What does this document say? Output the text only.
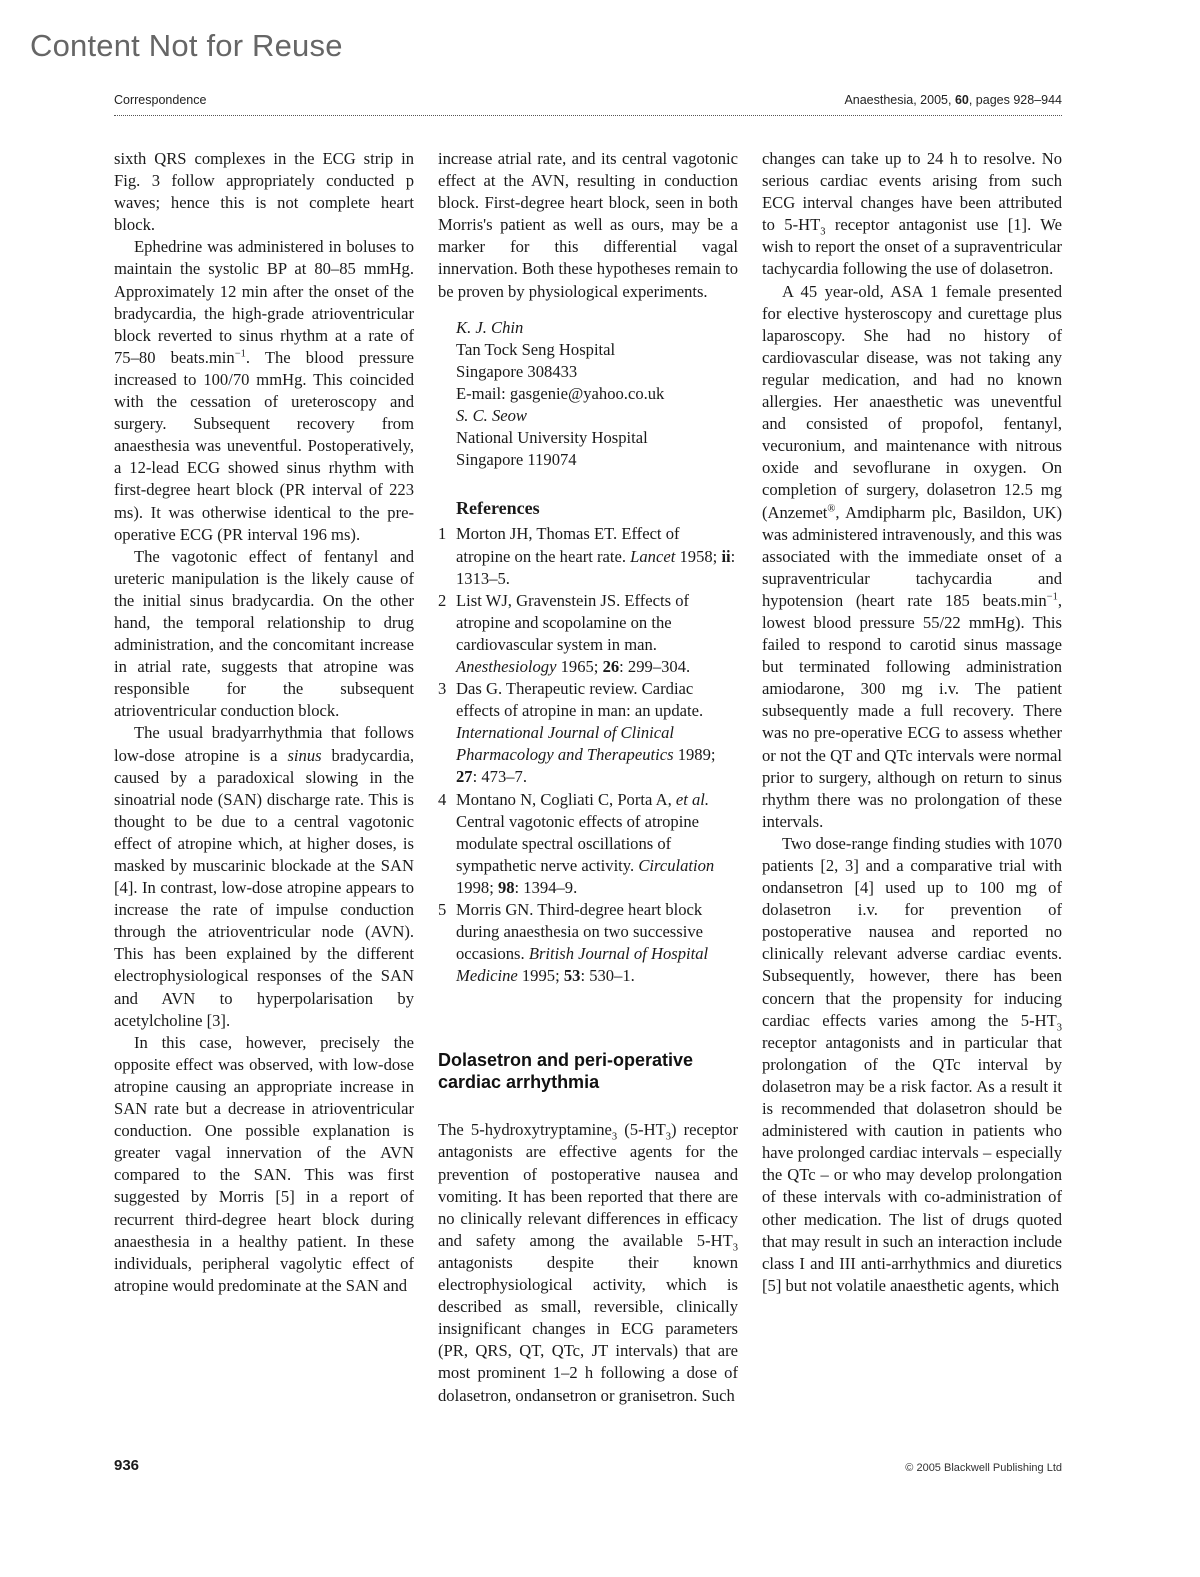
Content Not for Reuse
Correspondence	Anaesthesia, 2005, 60, pages 928–944

sixth QRS complexes in the ECG strip in Fig. 3 follow appropriately conducted p waves; hence this is not complete heart block.

Ephedrine was administered in boluses to maintain the systolic BP at 80–85 mmHg. Approximately 12 min after the onset of the bradycardia, the high-grade atrioventricular block reverted to sinus rhythm at a rate of 75–80 $beats.\min^{-1}$. The blood pressure increased to 100/70 mmHg. This coincided with the cessation of ureteroscopy and surgery. Subsequent recovery from anaesthesia was uneventful. Postoperatively, a 12-lead ECG showed sinus rhythm with first-degree heart block (PR interval of 223 ms). It was otherwise identical to the pre-operative ECG (PR interval 196 ms).

The vagotonic effect of fentanyl and ureteric manipulation is the likely cause of the initial sinus bradycardia. On the other hand, the temporal relationship to drug administration, and the concomitant increase in atrial rate, suggests that atropine was responsible for the subsequent atrioventricular conduction block.

The usual bradyarrhythmia that follows low-dose atropine is a sinus bradycardia, caused by a paradoxical slowing in the sinoatrial node (SAN) discharge rate. This is thought to be due to a central vagotonic effect of atropine which, at higher doses, is masked by muscarinic blockade at the SAN [4]. In contrast, low-dose atropine appears to increase the rate of impulse conduction through the atrioventricular node (AVN). This has been explained by the different electrophysiological responses of the SAN and AVN to hyperpolarisation by acetylcholine [3].

In this case, however, precisely the opposite effect was observed, with low-dose atropine causing an appropriate increase in SAN rate but a decrease in atrioventricular conduction. One possible explanation is greater vagal innervation of the AVN compared to the SAN. This was first suggested by Morris [5] in a report of recurrent third-degree heart block during anaesthesia in a healthy patient. In these individuals, peripheral vagolytic effect of atropine would predominate at the SAN and

increase atrial rate, and its central vagotonic effect at the AVN, resulting in conduction block. First-degree heart block, seen in both Morris's patient as well as ours, may be a marker for this differential vagal innervation. Both these hypotheses remain to be proven by physiological experiments.

K. J. Chin
Tan Tock Seng Hospital
Singapore 308433
E-mail: gasgenie@yahoo.co.uk
S. C. Seow
National University Hospital
Singapore 119074
References
1 Morton JH, Thomas ET. Effect of atropine on the heart rate. Lancet 1958; ii: 1313–5.
2 List WJ, Gravenstein JS. Effects of atropine and scopolamine on the cardiovascular system in man. Anesthesiology 1965; 26: 299–304.
3 Das G. Therapeutic review. Cardiac effects of atropine in man: an update. International Journal of Clinical Pharmacology and Therapeutics 1989; 27: 473–7.
4 Montano N, Cogliati C, Porta A, et al. Central vagotonic effects of atropine modulate spectral oscillations of sympathetic nerve activity. Circulation 1998; 98: 1394–9.
5 Morris GN. Third-degree heart block during anaesthesia on two successive occasions. British Journal of Hospital Medicine 1995; 53: 530–1.
Dolasetron and peri-operative cardiac arrhythmia

The 5-hydroxytryptamine$_3$ $(5-HT_3)$ receptor antagonists are effective agents for the prevention of postoperative nausea and vomiting. It has been reported that there are no clinically relevant differences in efficacy and safety among the available $5-HT_3$ antagonists despite their known electrophysiological activity, which is described as small, reversible, clinically insignificant changes in ECG parameters (PR, QRS, QT, QTc, JT intervals) that are most prominent 1–2 h following a dose of dolasetron, ondansetron or granisetron. Such

changes can take up to 24 h to resolve. No serious cardiac events arising from such ECG interval changes have been attributed to $5-HT_3$ receptor antagonist use [1]. We wish to report the onset of a supraventricular tachycardia following the use of dolasetron.

A 45 year-old, ASA 1 female presented for elective hysteroscopy and curettage plus laparoscopy. She had no history of cardiovascular disease, was not taking any regular medication, and had no known allergies. Her anaesthetic was uneventful and consisted of propofol, fentanyl, vecuronium, and maintenance with nitrous oxide and sevoflurane in oxygen. On completion of surgery, dolasetron 12.5 mg (Anzemet®, Amdipharm plc, Basildon, UK) was administered intravenously, and this was associated with the immediate onset of a supraventricular tachycardia and hypotension (heart rate 185 $beats.\min^{-1}$, lowest blood pressure 55/22 mmHg). This failed to respond to carotid sinus massage but terminated following administration amiodarone, 300 mg i.v. The patient subsequently made a full recovery. There was no pre-operative ECG to assess whether or not the QT and QTc intervals were normal prior to surgery, although on return to sinus rhythm there was no prolongation of these intervals.

Two dose-range finding studies with 1070 patients [2, 3] and a comparative trial with ondansetron [4] used up to 100 mg of dolasetron i.v. for prevention of postoperative nausea and reported no clinically relevant adverse cardiac events. Subsequently, however, there has been concern that the propensity for inducing cardiac effects varies among the $5-HT_3$ receptor antagonists and in particular that prolongation of the QTc interval by dolasetron may be a risk factor. As a result it is recommended that dolasetron should be administered with caution in patients who have prolonged cardiac intervals – especially the QTc – or who may develop prolongation of these intervals with co-administration of other medication. The list of drugs quoted that may result in such an interaction include class I and III anti-arrhythmics and diuretics [5] but not volatile anaesthetic agents, which

936	© 2005 Blackwell Publishing Ltd
